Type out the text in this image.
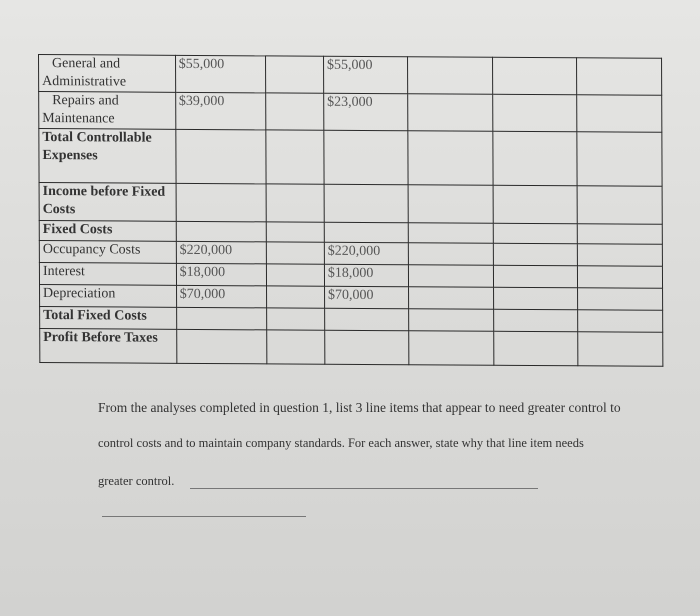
General and
Administrative	$55,000		$55,000			
Repairs and
Maintenance	$39,000		$23,000			
Total Controllable
Expenses						
Income before Fixed
Costs						
Fixed Costs						
Occupancy Costs	$220,000		$220,000			
Interest	$18,000		$18,000			
Depreciation	$70,000		$70,000			
Total Fixed Costs						
Profit Before Taxes						

From the analyses completed in question 1, list 3 line items that appear to need greater control to

control costs and to maintain company standards. For each answer, state why that line item needs

greater control.
